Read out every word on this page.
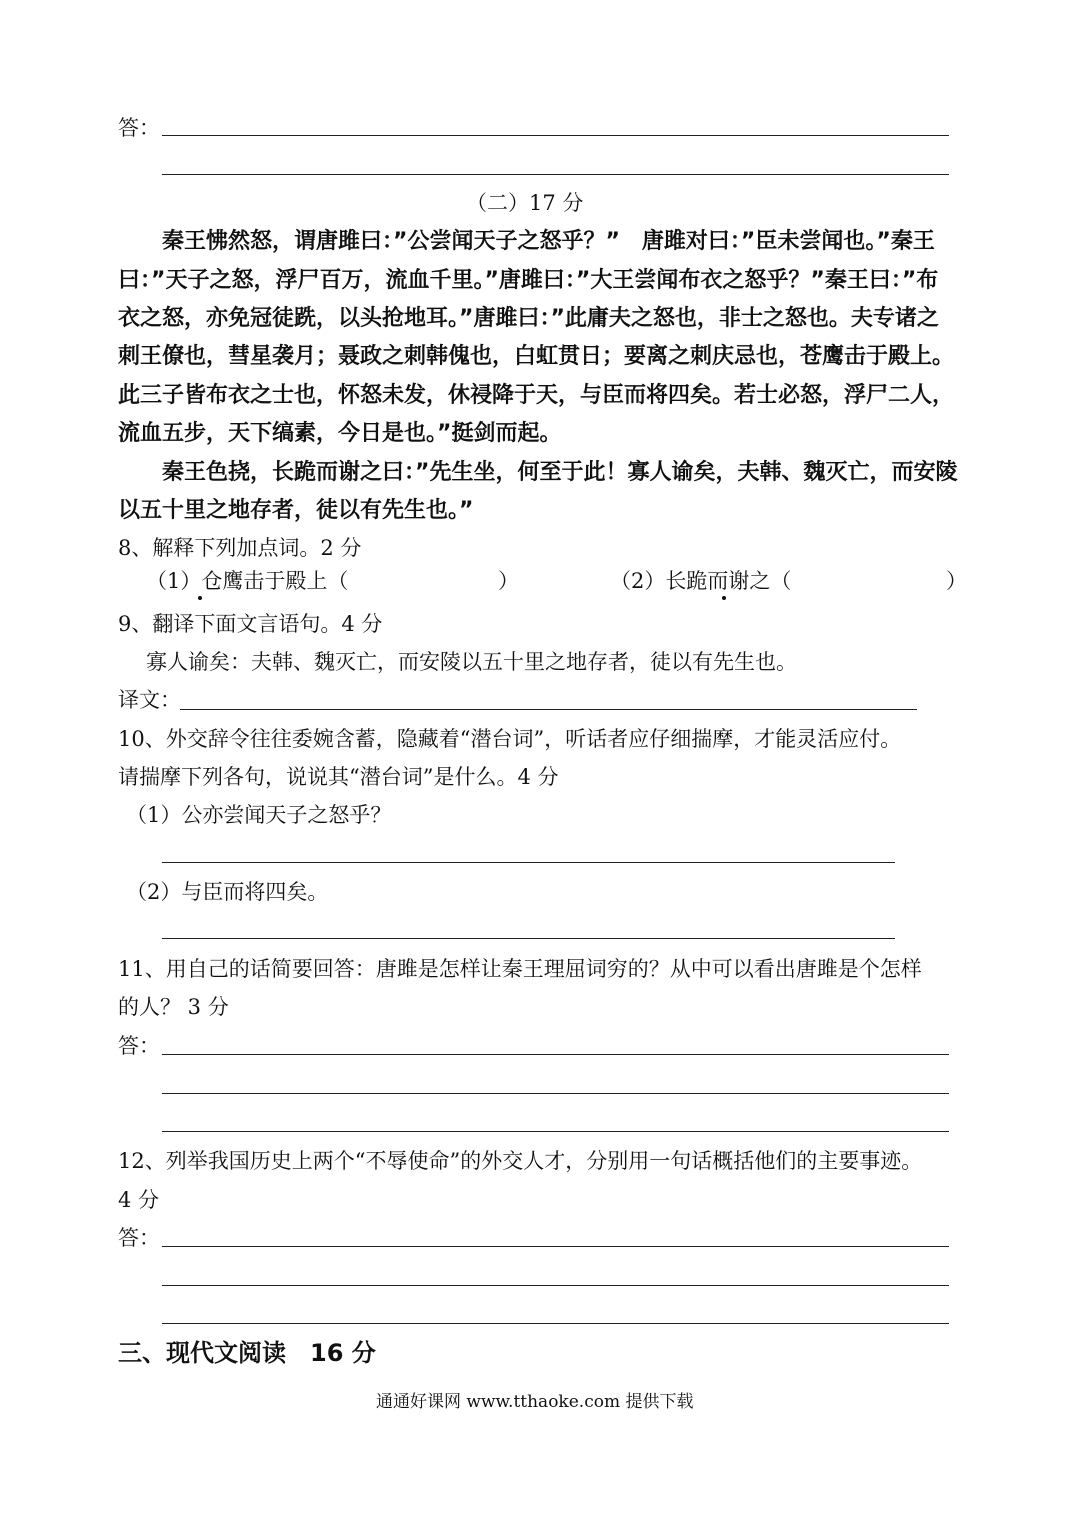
答：
（二）17 分
秦王怫然怒，谓唐雎曰：”公尝闻天子之怒乎？”　唐雎对曰：”臣未尝闻也。”秦王
曰：”天子之怒，浮尸百万，流血千里。”唐雎曰：”大王尝闻布衣之怒乎？”秦王曰：”布
衣之怒，亦免冠徒跣，以头抢地耳。”唐雎曰：”此庸夫之怒也，非士之怒也。夫专诸之
刺王僚也，彗星袭月；聂政之刺韩傀也，白虹贯日；要离之刺庆忌也，苍鹰击于殿上。
此三子皆布衣之士也，怀怒未发，休祲降于天，与臣而将四矣。若士必怒，浮尸二人，
流血五步，天下缟素，今日是也。”挺剑而起。
秦王色挠，长跪而谢之曰：”先生坐，何至于此！寡人谕矣，夫韩、魏灭亡，而安陵
以五十里之地存者，徒以有先生也。”
8、解释下列加点词。2 分
（1）仓鹰击于殿上（	）	（2）长跪而谢之（	）
9、翻译下面文言语句。4 分
寡人谕矣：夫韩、魏灭亡，而安陵以五十里之地存者，徒以有先生也。
译文：
10、外交辞令往往委婉含蓄，隐藏着“潜台词”，听话者应仔细揣摩，才能灵活应付。
请揣摩下列各句，说说其“潜台词”是什么。4 分
（1）公亦尝闻天子之怒乎？
（2）与臣而将四矣。
11、用自己的话简要回答：唐雎是怎样让秦王理屈词穷的？从中可以看出唐雎是个怎样
的人？ 3 分
答：
12、列举我国历史上两个“不辱使命”的外交人才，分别用一句话概括他们的主要事迹。
4 分
答：
三、现代文阅读　16 分
通通好课网 www.tthaoke.com 提供下载
